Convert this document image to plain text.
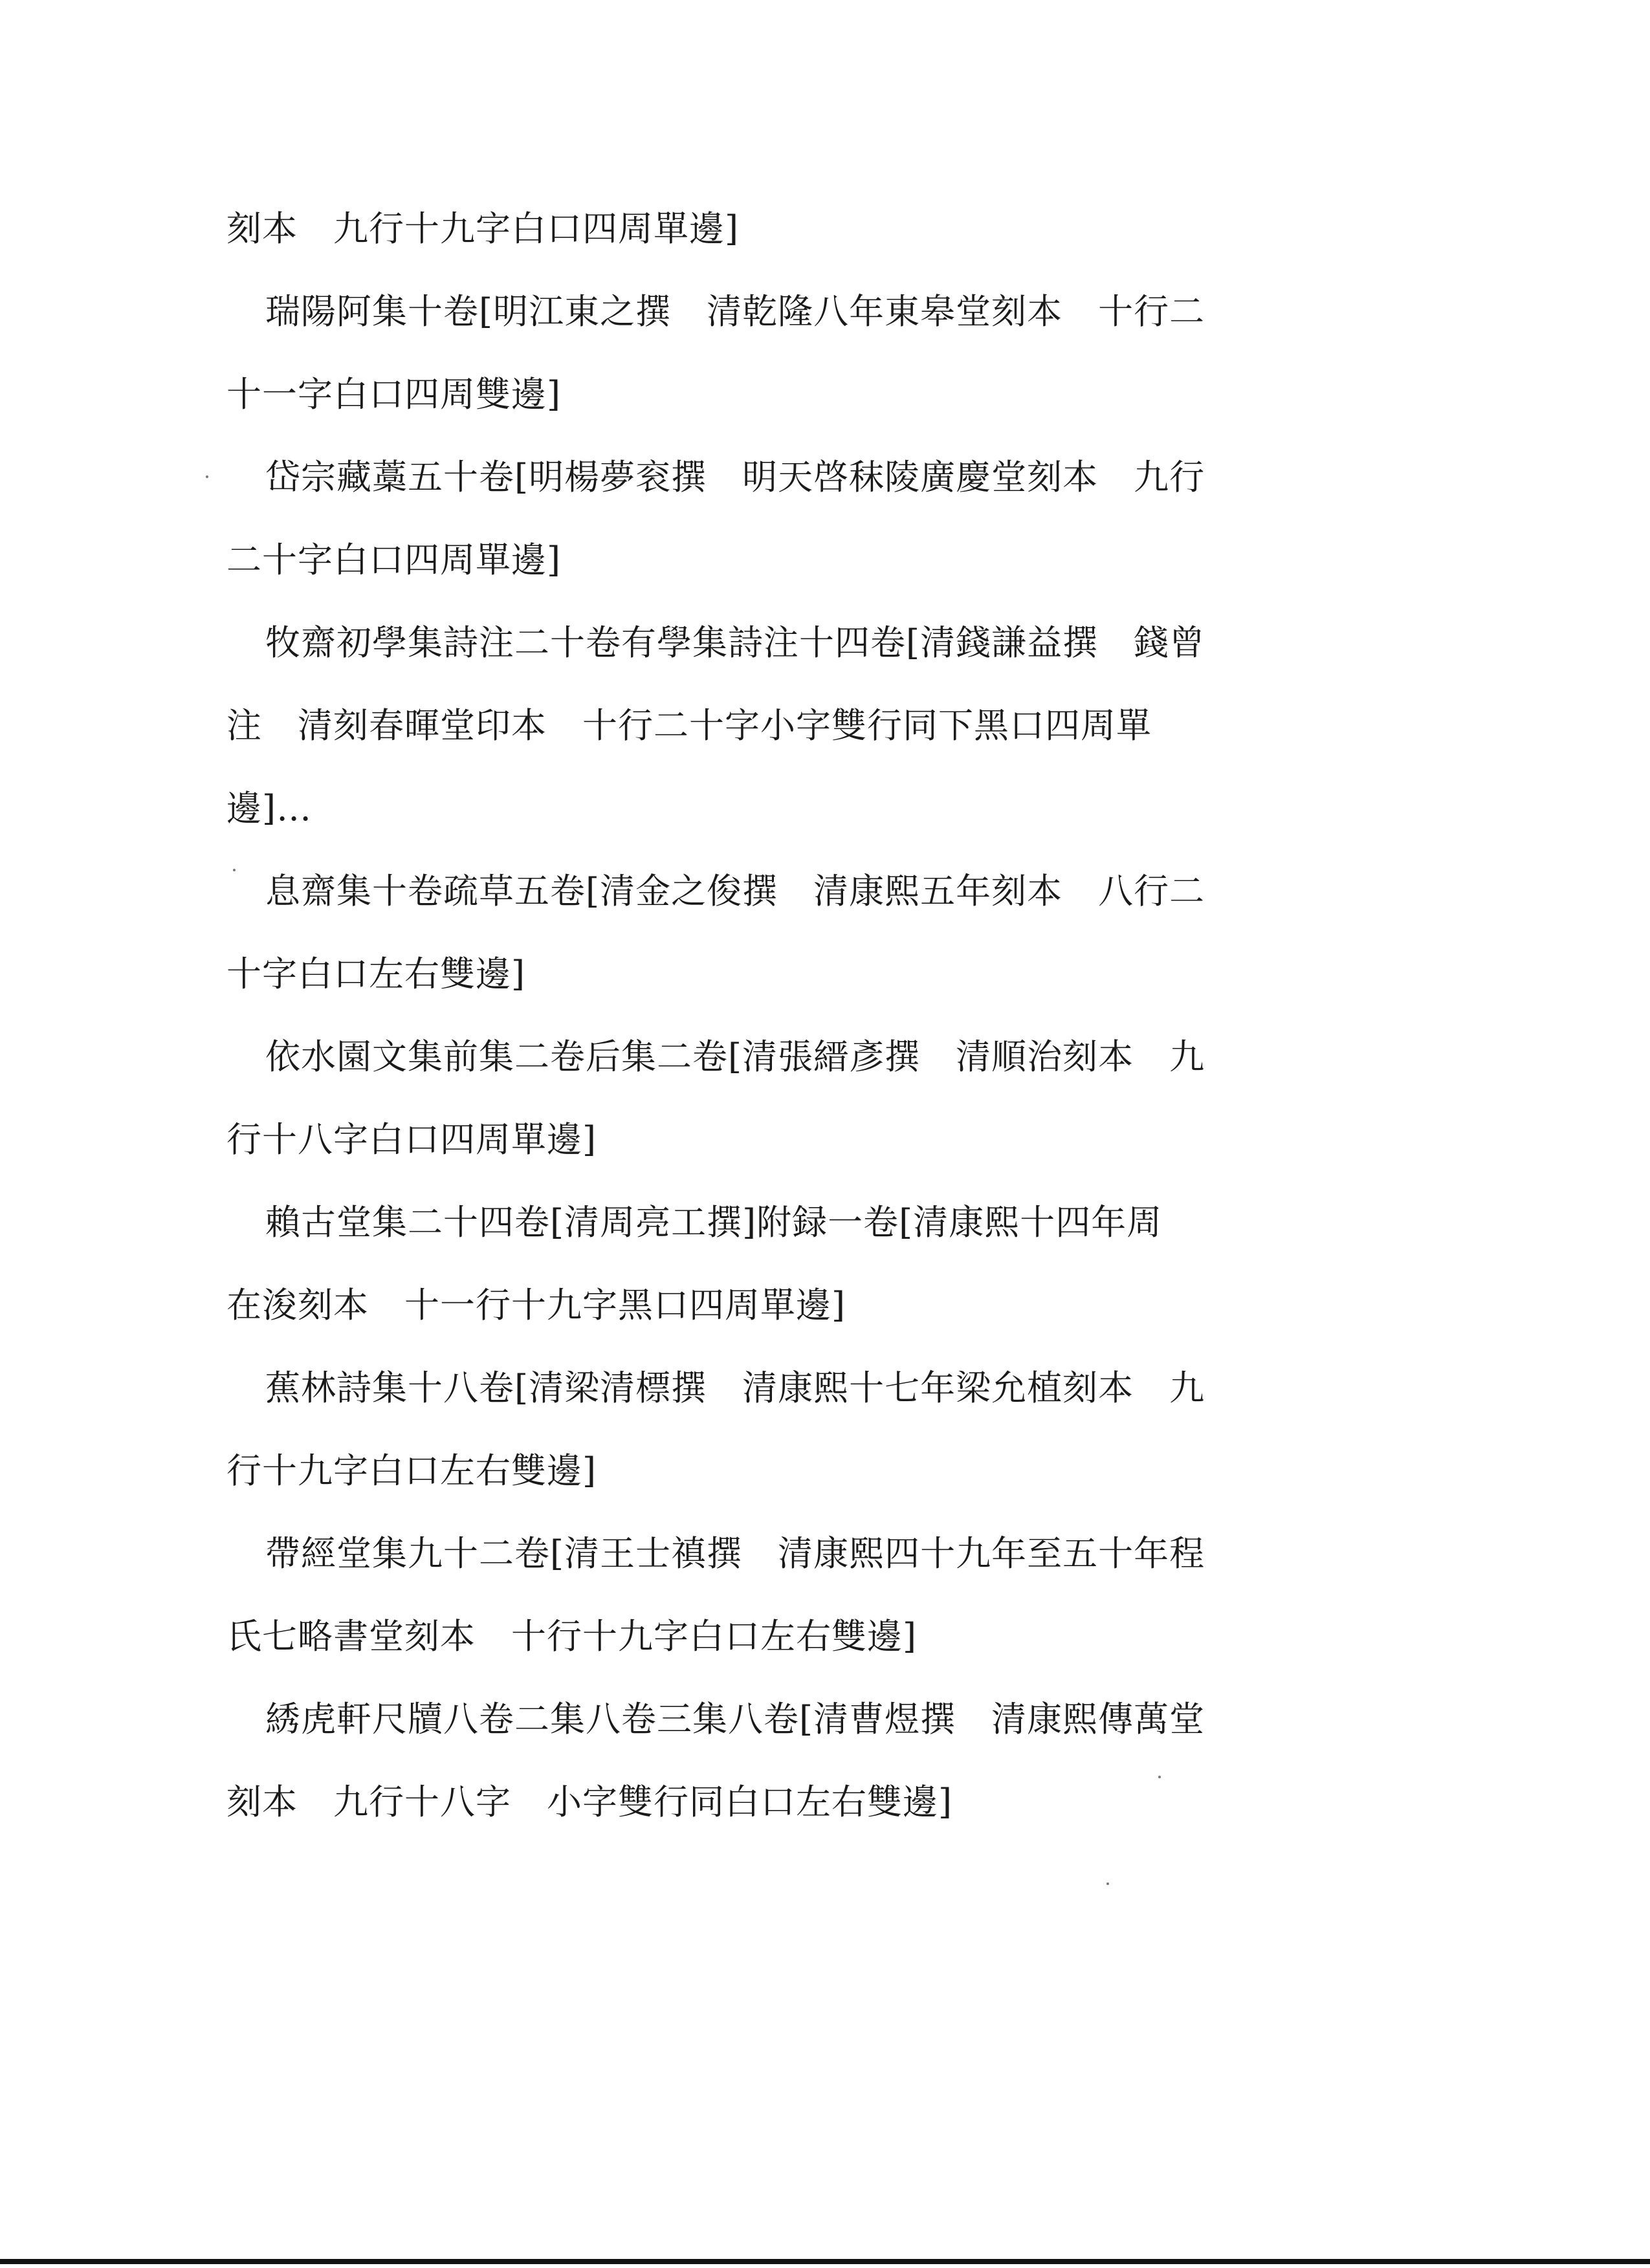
刻本　九行十九字白口四周單邊]
瑞陽阿集十卷[明江東之撰　清乾隆八年東皋堂刻本　十行二
十一字白口四周雙邊]
岱宗藏藁五十卷[明楊夢衮撰　明天啓秣陵廣慶堂刻本　九行
二十字白口四周單邊]
牧齋初學集詩注二十卷有學集詩注十四卷[清錢謙益撰　錢曾
注　清刻春暉堂印本　十行二十字小字雙行同下黑口四周單
邊]…
息齋集十卷疏草五卷[清金之俊撰　清康熙五年刻本　八行二
十字白口左右雙邊]
依水園文集前集二卷后集二卷[清張縉彥撰　清順治刻本　九
行十八字白口四周單邊]
賴古堂集二十四卷[清周亮工撰]附録一卷[清康熙十四年周
在浚刻本　十一行十九字黑口四周單邊]
蕉林詩集十八卷[清梁清標撰　清康熙十七年梁允植刻本　九
行十九字白口左右雙邊]
帶經堂集九十二卷[清王士禛撰　清康熙四十九年至五十年程
氏七略書堂刻本　十行十九字白口左右雙邊]
綉虎軒尺牘八卷二集八卷三集八卷[清曹煜撰　清康熙傳萬堂
刻本　九行十八字　小字雙行同白口左右雙邊]
